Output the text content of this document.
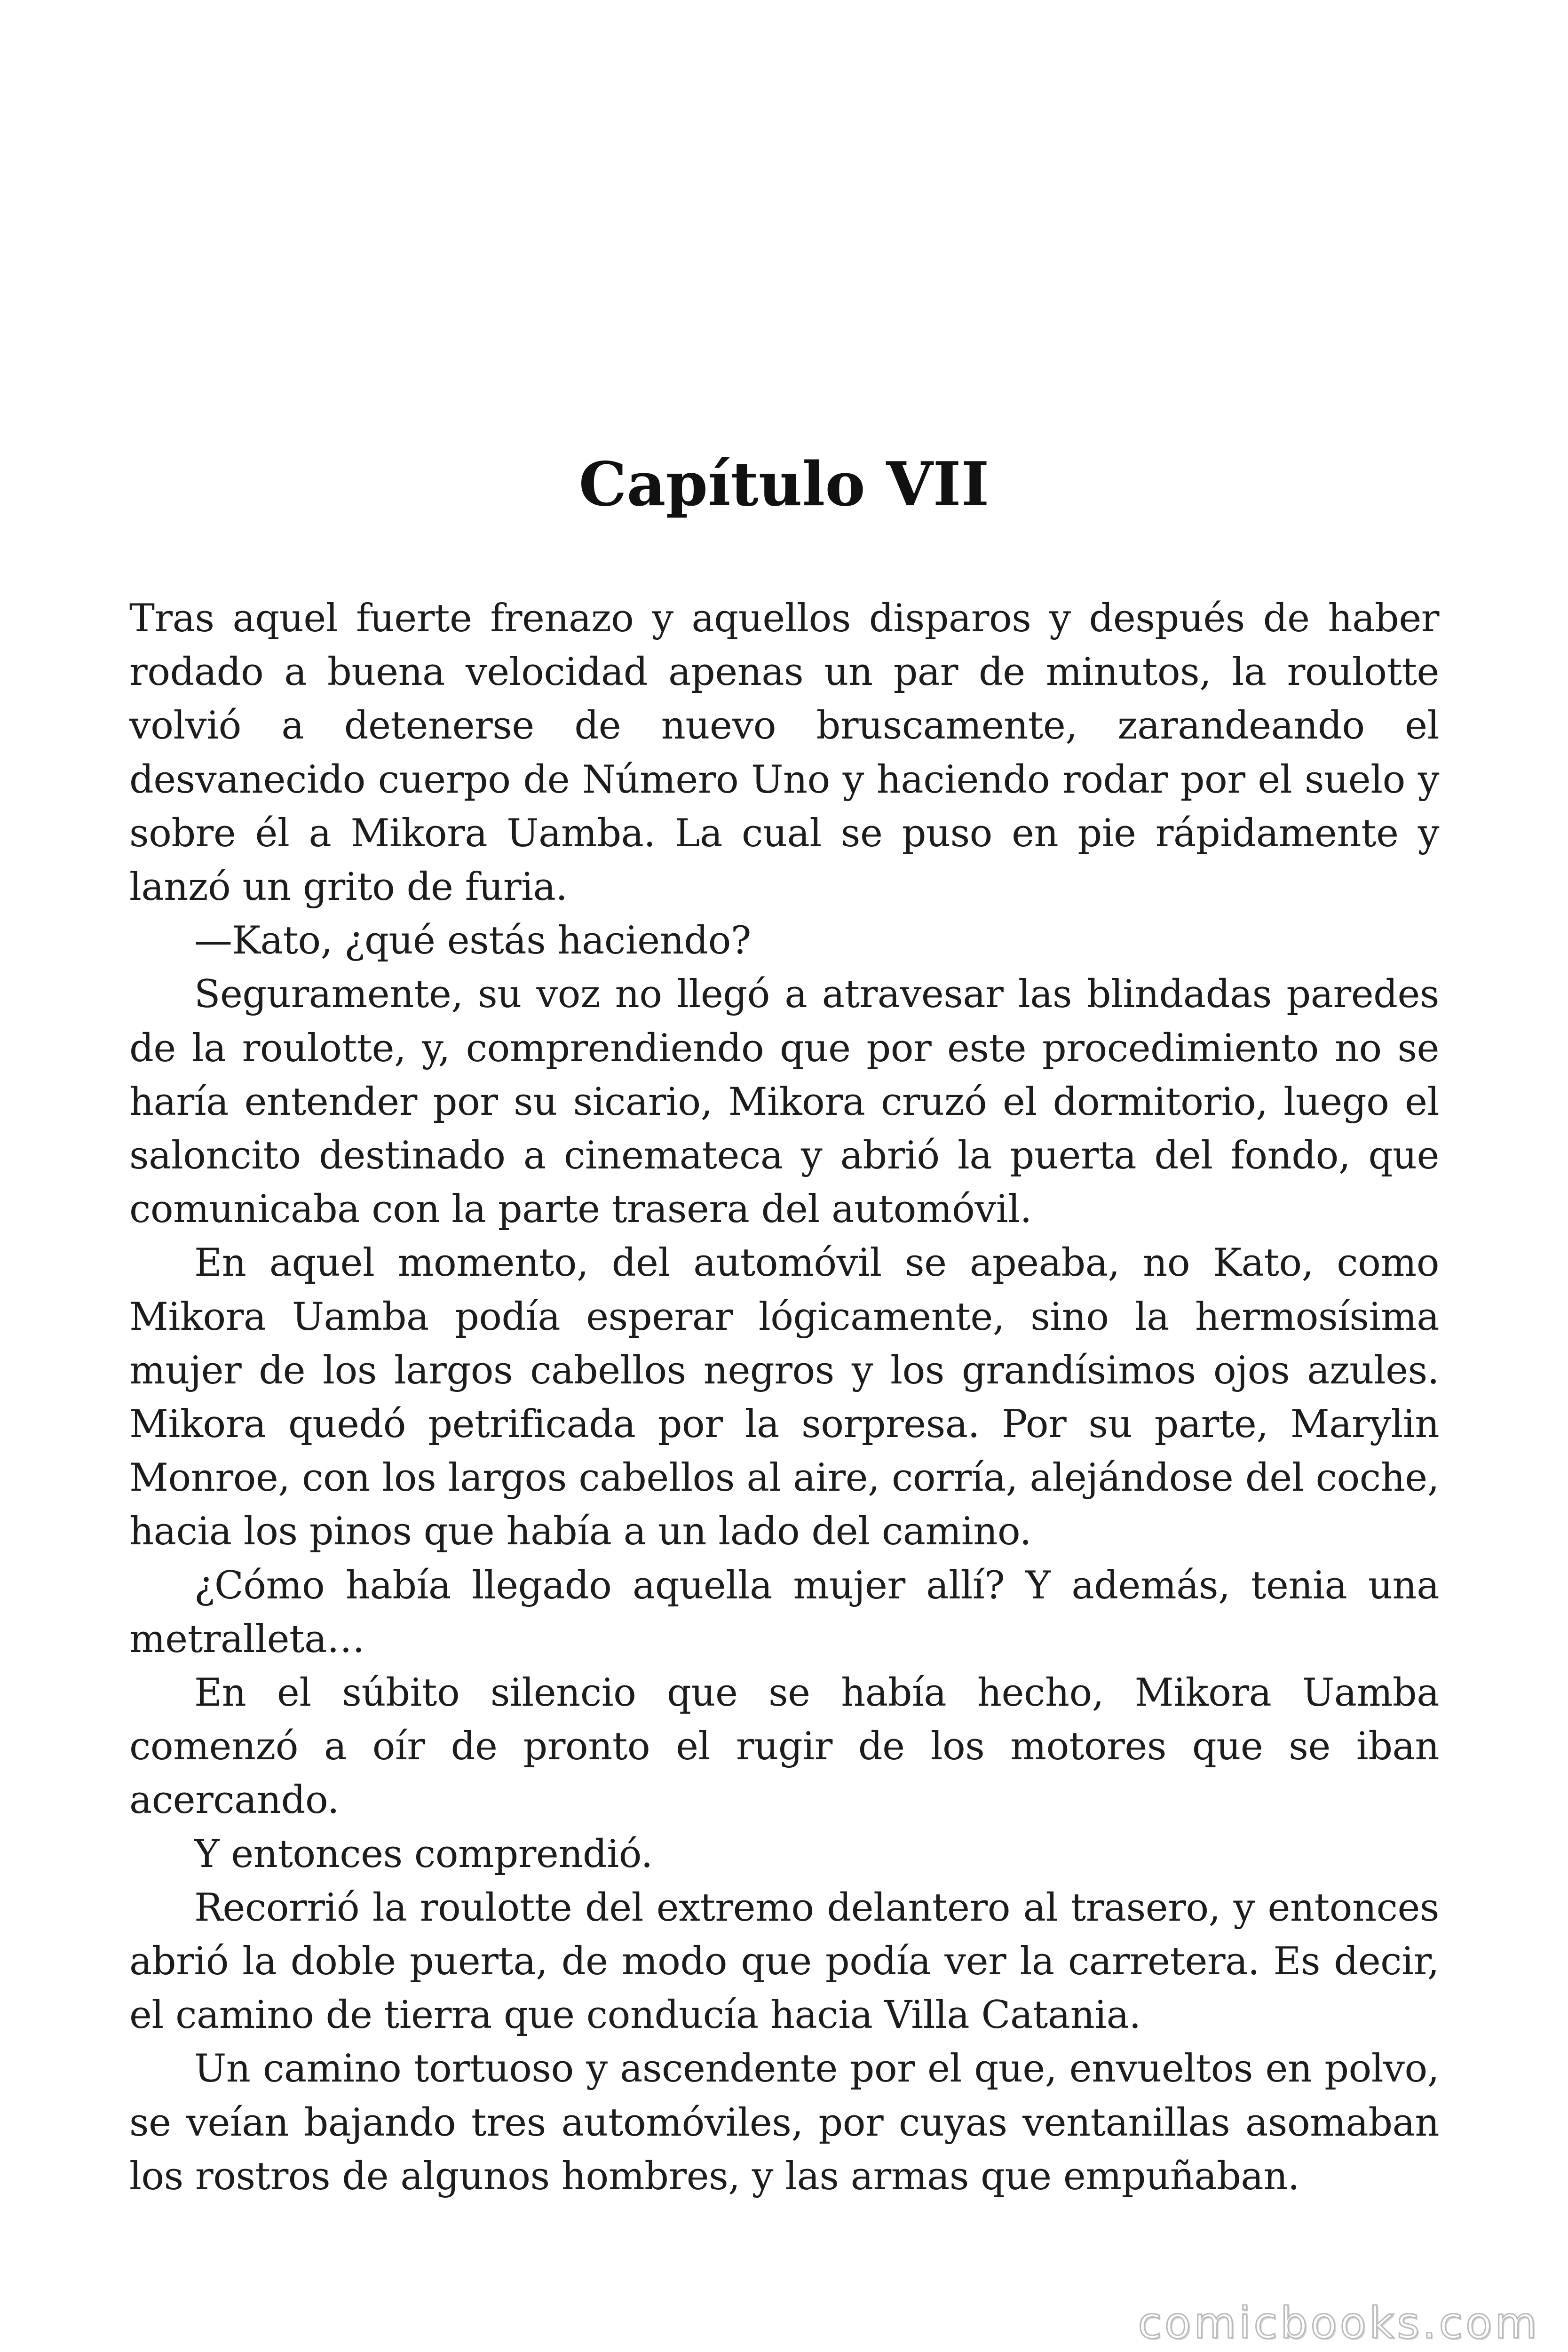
Capítulo VII

Tras aquel fuerte frenazo y aquellos disparos y después de haber rodado a buena velocidad apenas un par de minutos, la roulotte volvió a detenerse de nuevo bruscamente, zarandeando el desvanecido cuerpo de Número Uno y haciendo rodar por el suelo y sobre él a Mikora Uamba. La cual se puso en pie rápidamente y lanzó un grito de furia.

—Kato, ¿qué estás haciendo?

Seguramente, su voz no llegó a atravesar las blindadas paredes de la roulotte, y, comprendiendo que por este procedimiento no se haría entender por su sicario, Mikora cruzó el dormitorio, luego el saloncito destinado a cinemateca y abrió la puerta del fondo, que comunicaba con la parte trasera del automóvil.

En aquel momento, del automóvil se apeaba, no Kato, como Mikora Uamba podía esperar lógicamente, sino la hermosísima mujer de los largos cabellos negros y los grandísimos ojos azules. Mikora quedó petrificada por la sorpresa. Por su parte, Marylin Monroe, con los largos cabellos al aire, corría, alejándose del coche, hacia los pinos que había a un lado del camino.

¿Cómo había llegado aquella mujer allí? Y además, tenia una metralleta…

En el súbito silencio que se había hecho, Mikora Uamba comenzó a oír de pronto el rugir de los motores que se iban acercando.

Y entonces comprendió.

Recorrió la roulotte del extremo delantero al trasero, y entonces abrió la doble puerta, de modo que podía ver la carretera. Es decir, el camino de tierra que conducía hacia Villa Catania.

Un camino tortuoso y ascendente por el que, envueltos en polvo, se veían bajando tres automóviles, por cuyas ventanillas asomaban los rostros de algunos hombres, y las armas que empuñaban.

comicbooks.com
